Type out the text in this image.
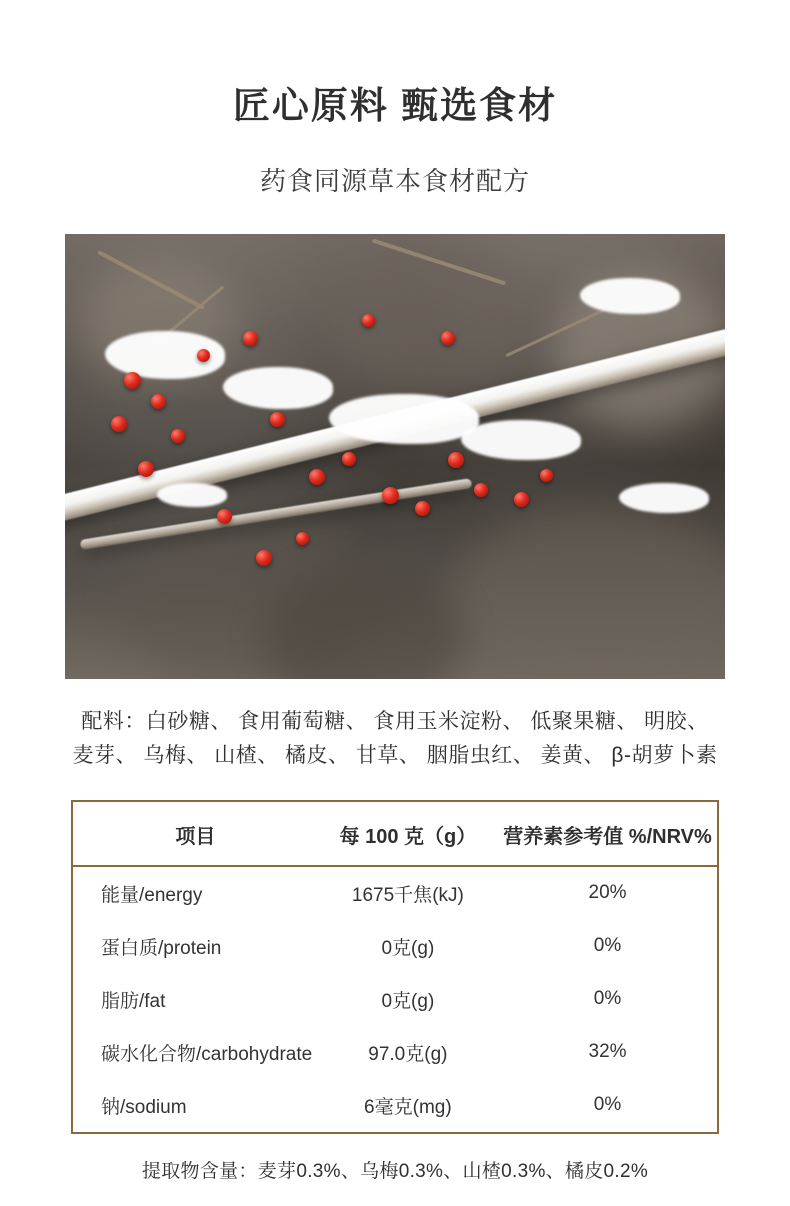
匠心原料 甄选食材
药食同源草本食材配方
配料：白砂糖、 食用葡萄糖、 食用玉米淀粉、 低聚果糖、 明胶、
麦芽、 乌梅、 山楂、 橘皮、 甘草、 胭脂虫红、 姜黄、 β-胡萝卜素
项目	每 100 克（g）	营养素参考值 %/NRV%
能量/energy	1675千焦(kJ)	20%
蛋白质/protein	0克(g)	0%
脂肪/fat	0克(g)	0%
碳水化合物/carbohydrate	97.0克(g)	32%
钠/sodium	6毫克(mg)	0%
提取物含量：麦芽0.3%、乌梅0.3%、山楂0.3%、橘皮0.2%
